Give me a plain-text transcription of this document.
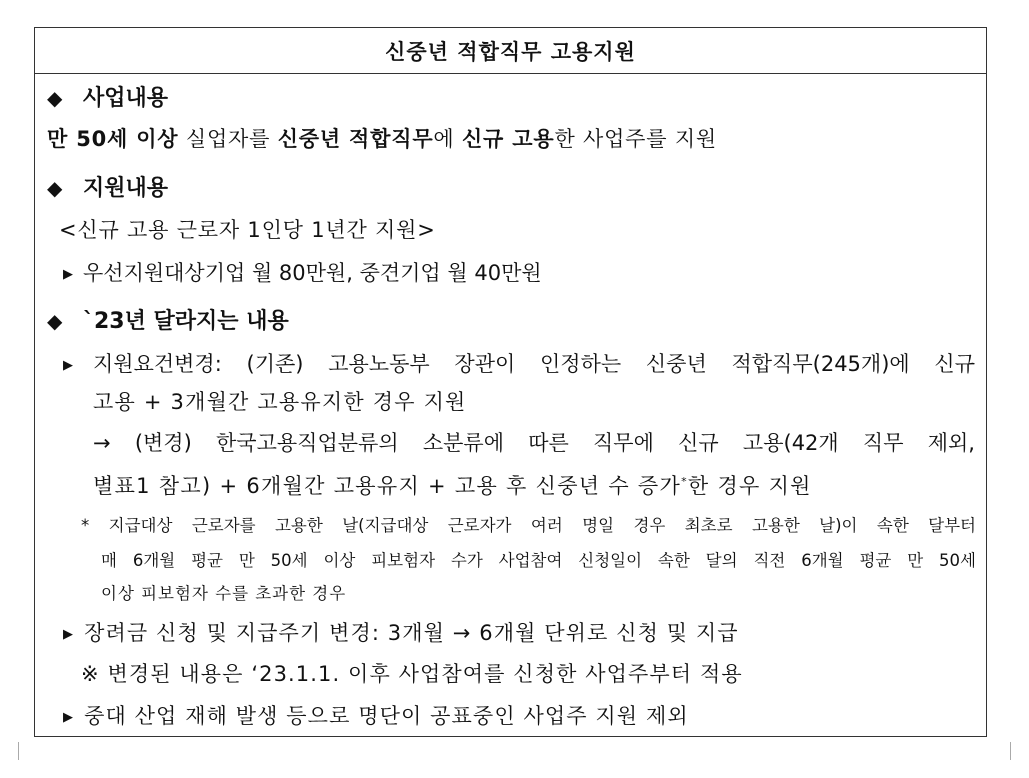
신중년 적합직무 고용지원
◆ 사업내용
만 50세 이상 실업자를 신중년 적합직무에 신규 고용한 사업주를 지원
◆ 지원내용
<신규 고용 근로자 1인당 1년간 지원>
▶ 우선지원대상기업 월 80만원, 중견기업 월 40만원
◆ `23년 달라지는 내용
▶ 지원요건변경: (기존) 고용노동부 장관이 인정하는 신중년 적합직무(245개)에 신규
고용 + 3개월간 고용유지한 경우 지원
→ (변경) 한국고용직업분류의 소분류에 따른 직무에 신규 고용(42개 직무 제외,
별표1 참고) + 6개월간 고용유지 + 고용 후 신중년 수 증가*한 경우 지원
* 지급대상 근로자를 고용한 날(지급대상 근로자가 여러 명일 경우 최초로 고용한 날)이 속한 달부터
매 6개월 평균 만 50세 이상 피보험자 수가 사업참여 신청일이 속한 달의 직전 6개월 평균 만 50세
이상 피보험자 수를 초과한 경우
▶ 장려금 신청 및 지급주기 변경: 3개월 → 6개월 단위로 신청 및 지급
※ 변경된 내용은 ‘23.1.1. 이후 사업참여를 신청한 사업주부터 적용
▶ 중대 산업 재해 발생 등으로 명단이 공표중인 사업주 지원 제외
